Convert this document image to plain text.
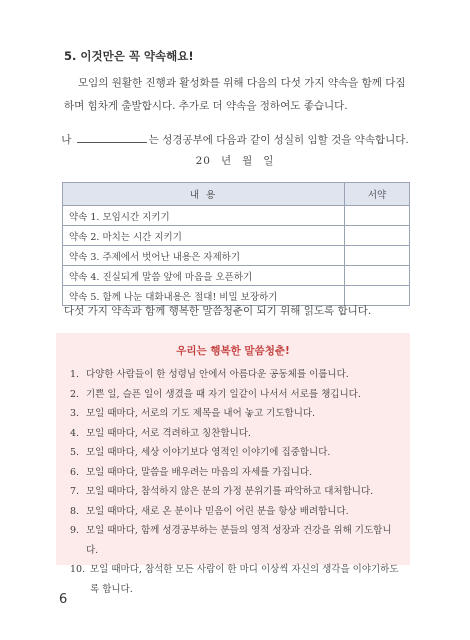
5. 이것만은 꼭 약속해요!

모임의 원활한 진행과 활성화를 위해 다음의 다섯 가지 약속을 함께 다짐하며 힘차게 출발합시다. 추가로 더 약속을 정하여도 좋습니다.

나	는 성경공부에 다음과 같이 성실히 임할 것을 약속합니다.

20 년 월 일

내 용	서약
약속 1. 모임시간 지키기	
약속 2. 마치는 시간 지키기	
약속 3. 주제에서 벗어난 내용은 자제하기	
약속 4. 진실되게 말씀 앞에 마음을 오픈하기	
약속 5. 함께 나눈 대화내용은 절대! 비밀 보장하기	

다섯 가지 약속과 함께 행복한 말씀청춘이 되기 위해 읽도록 합니다.

우리는 행복한 말씀청춘!

1. 다양한 사람들이 한 성령님 안에서 아름다운 공동체를 이룹니다.
2. 기쁜 일, 슬픈 일이 생겼을 때 자기 일같이 나서서 서로를 챙깁니다.
3. 모일 때마다, 서로의 기도 제목을 내어 놓고 기도합니다.
4. 모일 때마다, 서로 격려하고 칭찬합니다.
5. 모일 때마다, 세상 이야기보다 영적인 이야기에 집중합니다.
6. 모일 때마다, 말씀을 배우려는 마음의 자세를 가집니다.
7. 모일 때마다, 참석하지 않은 분의 가정 분위기를 파악하고 대처합니다.
8. 모일 때마다, 새로 온 분이나 믿음이 어린 분을 항상 배려합니다.
9. 모일 때마다, 함께 성경공부하는 분들의 영적 성장과 건강을 위해 기도합니다.
10. 모일 때마다, 참석한 모든 사람이 한 마디 이상씩 자신의 생각을 이야기하도록 합니다.

6
